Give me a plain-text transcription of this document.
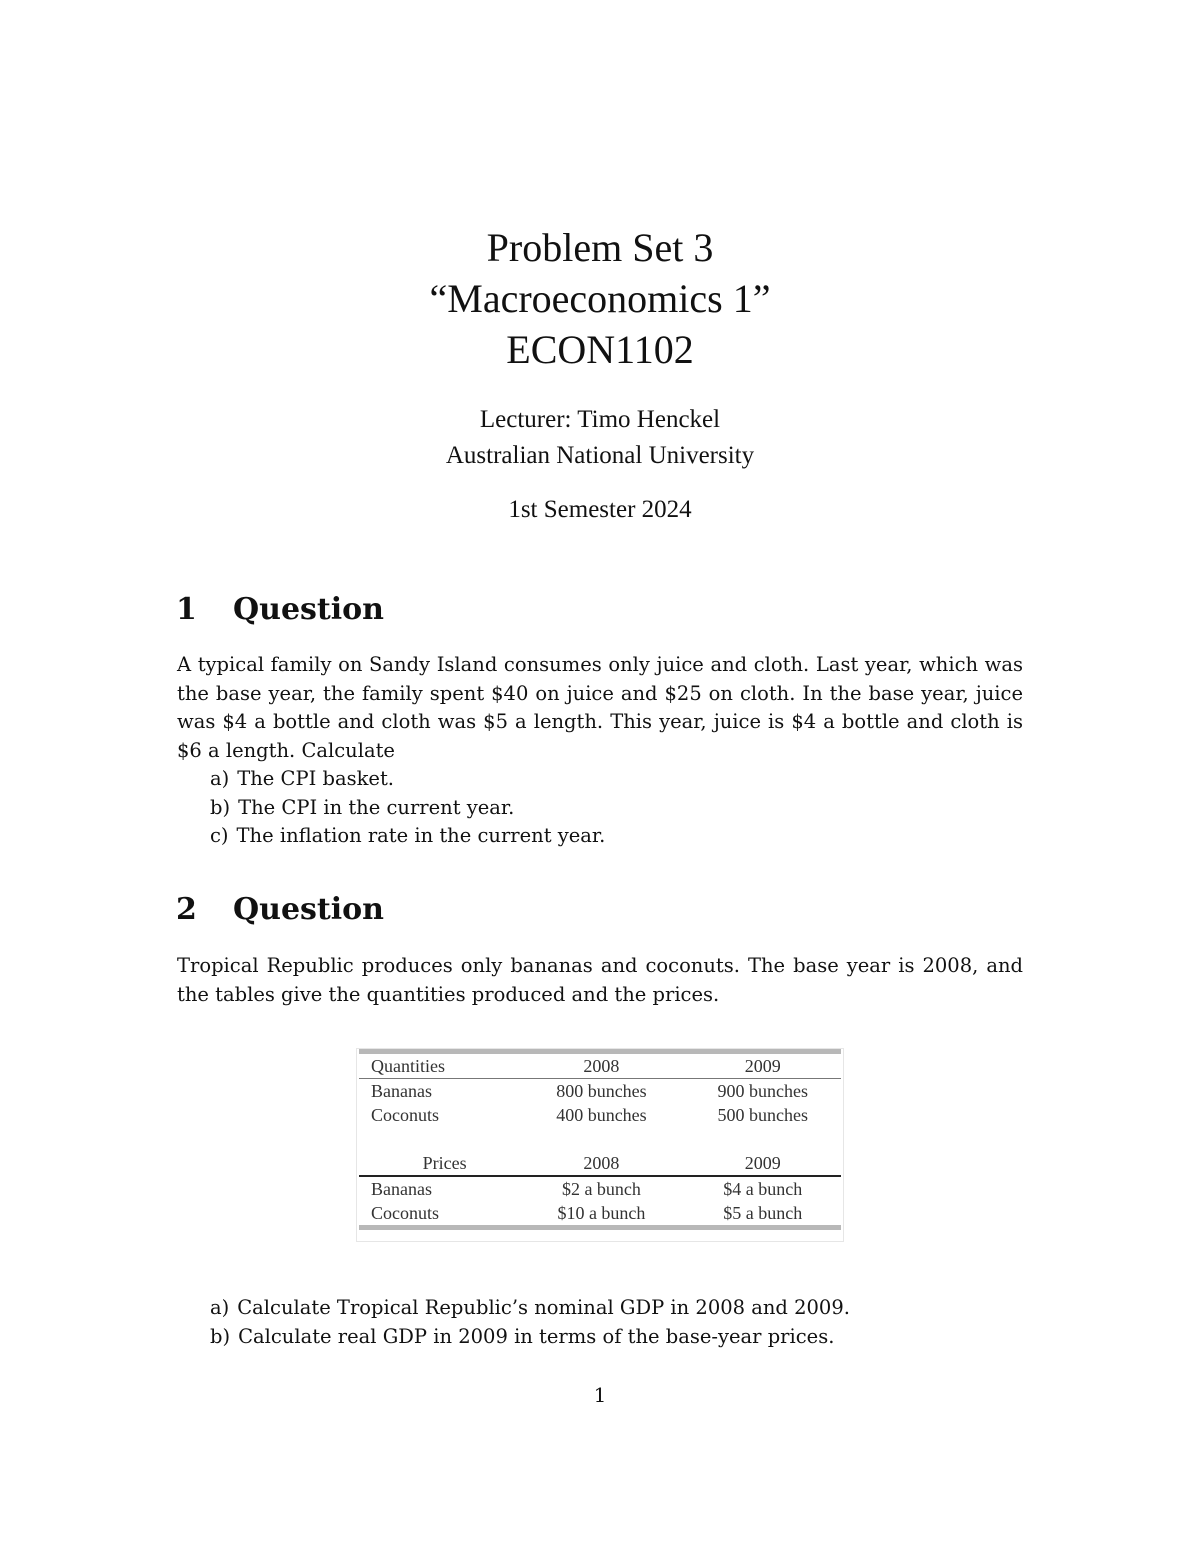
Problem Set 3

“Macroeconomics 1”

ECON1102

Lecturer: Timo Henckel
Australian National University
1st Semester 2024
1 Question

A typical family on Sandy Island consumes only juice and cloth. Last year, which was the base year, the family spent $40 on juice and $25 on cloth. In the base year, juice was $4 a bottle and cloth was $5 a length. This year, juice is $4 a bottle and cloth is $6 a length. Calculate

a) The CPI basket.
b) The CPI in the current year.
c) The inflation rate in the current year.
2 Question

Tropical Republic produces only bananas and coconuts. The base year is 2008, and the tables give the quantities produced and the prices.

Quantities	2008	2009
Bananas	800 bunches	900 bunches
Coconuts	400 bunches	500 bunches

Prices	2008	2009
Bananas	$2 a bunch	$4 a bunch
Coconuts	$10 a bunch	$5 a bunch
a) Calculate Tropical Republic’s nominal GDP in 2008 and 2009.
b) Calculate real GDP in 2009 in terms of the base-year prices.
1
